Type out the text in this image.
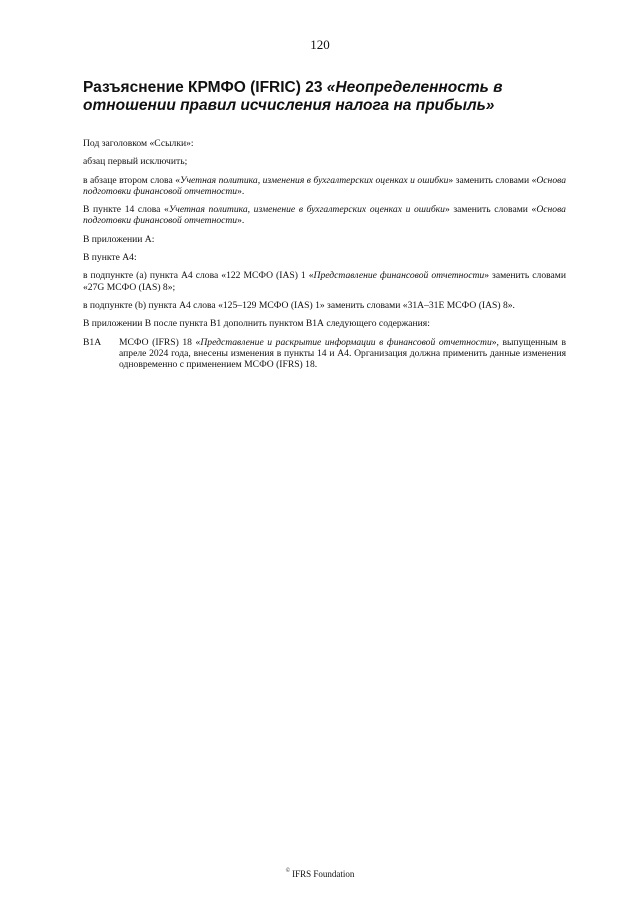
120
Разъяснение КРМФО (IFRIC) 23 «Неопределенность в отношении правил исчисления налога на прибыль»

Под заголовком «Ссылки»:

абзац первый исключить;

в абзаце втором слова «Учетная политика, изменения в бухгалтерских оценках и ошибки» заменить словами «Основа подготовки финансовой отчетности».

В пункте 14 слова «Учетная политика, изменение в бухгалтерских оценках и ошибки» заменить словами «Основа подготовки финансовой отчетности».

В приложении А:

В пункте А4:

в подпункте (а) пункта А4 слова «122 МСФО (IAS) 1 «Представление финансовой отчетности» заменить словами «27G МСФО (IAS) 8»;

в подпункте (b) пункта А4 слова «125–129 МСФО (IAS) 1» заменить словами «31А–31Е МСФО (IAS) 8».

В приложении В после пункта В1 дополнить пунктом В1А следующего содержания:

В1А	МСФО (IFRS) 18 «Представление и раскрытие информации в финансовой отчетности», выпущенным в апреле 2024 года, внесены изменения в пункты 14 и А4. Организация должна применить данные изменения одновременно с применением МСФО (IFRS) 18.
© IFRS Foundation
